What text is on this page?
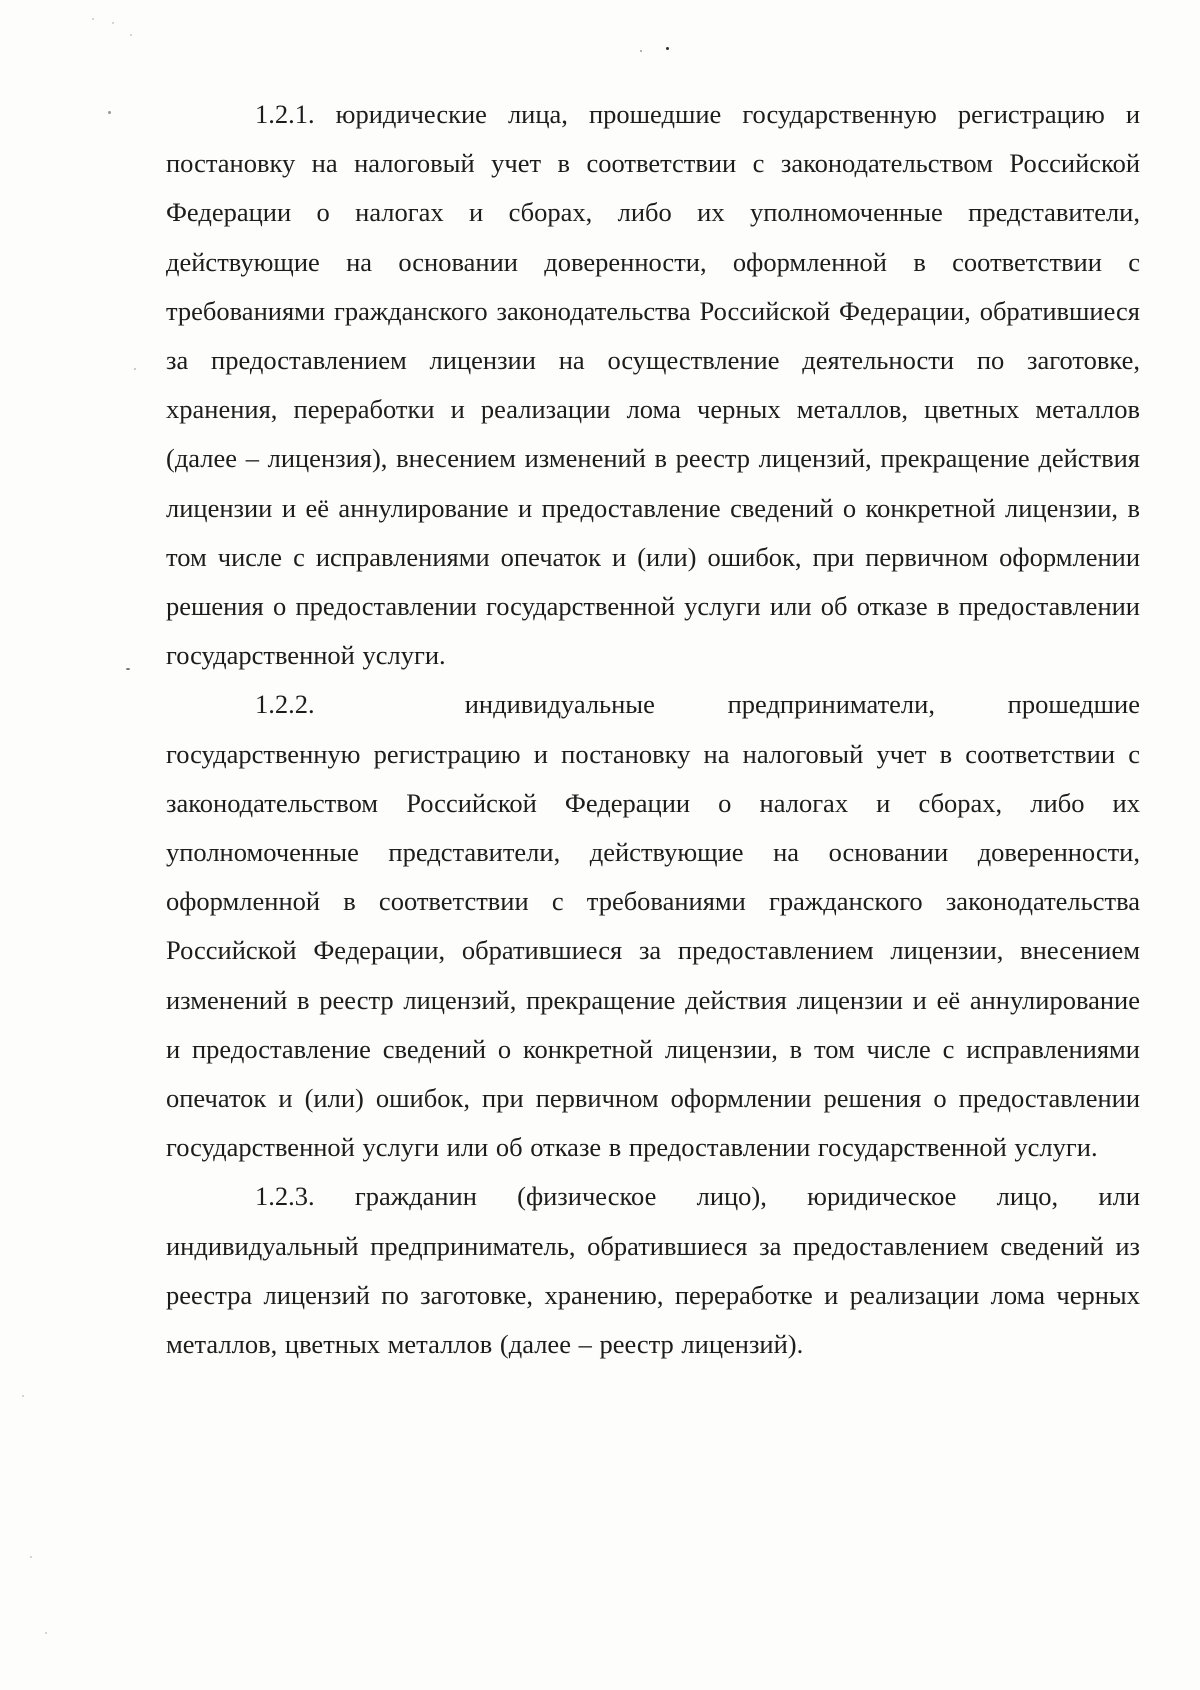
1.2.1. юридические лица, прошедшие государственную регистрацию и постановку на налоговый учет в соответствии с законодательством Российской Федерации о налогах и сборах, либо их уполномоченные представители, действующие на основании доверенности, оформленной в соответствии с требованиями гражданского законодательства Российской Федерации, обратившиеся за предоставлением лицензии на осуществление деятельности по заготовке, хранения, переработки и реализации лома черных металлов, цветных металлов (далее – лицензия), внесением изменений в реестр лицензий, прекращение действия лицензии и её аннулирование и предоставление сведений о конкретной лицензии, в том числе с исправлениями опечаток и (или) ошибок, при первичном оформлении решения о предоставлении государственной услуги или об отказе в предоставлении государственной услуги.

1.2.2.	индивидуальные предприниматели, прошедшие государственную регистрацию и постановку на налоговый учет в соответствии с законодательством Российской Федерации о налогах и сборах, либо их уполномоченные представители, действующие на основании доверенности, оформленной в соответствии с требованиями гражданского законодательства Российской Федерации, обратившиеся за предоставлением лицензии, внесением изменений в реестр лицензий, прекращение действия лицензии и её аннулирование и предоставление сведений о конкретной лицензии, в том числе с исправлениями опечаток и (или) ошибок, при первичном оформлении решения о предоставлении государственной услуги или об отказе в предоставлении государственной услуги.

1.2.3. гражданин (физическое лицо), юридическое лицо, или индивидуальный предприниматель, обратившиеся за предоставлением сведений из реестра лицензий по заготовке, хранению, переработке и реализации лома черных металлов, цветных металлов (далее – реестр лицензий).
